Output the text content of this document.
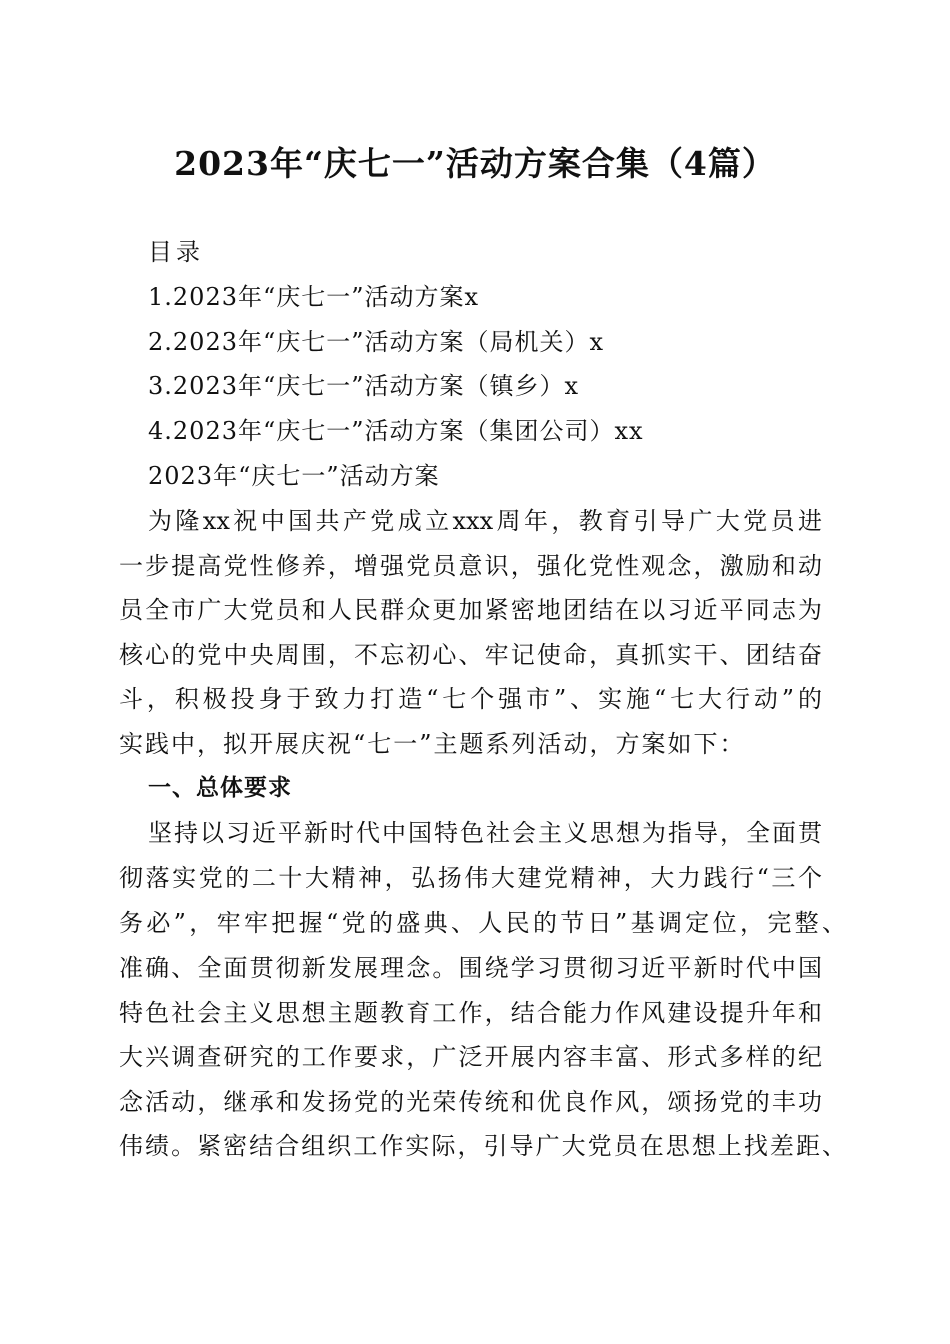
2023年“庆七一”活动方案合集（4篇）
目录
1.2023年“庆七一”活动方案x
2.2023年“庆七一”活动方案（局机关）x
3.2023年“庆七一”活动方案（镇乡）x
4.2023年“庆七一”活动方案（集团公司）xx
2023年“庆七一”活动方案
为隆xx祝中国共产党成立xxx周年，教育引导广大党员进
一步提高党性修养，增强党员意识，强化党性观念，激励和动
员全市广大党员和人民群众更加紧密地团结在以习近平同志为
核心的党中央周围，不忘初心、牢记使命，真抓实干、团结奋
斗，积极投身于致力打造“七个强市”、实施“七大行动”的
实践中，拟开展庆祝“七一”主题系列活动，方案如下：
一、总体要求
坚持以习近平新时代中国特色社会主义思想为指导，全面贯
彻落实党的二十大精神，弘扬伟大建党精神，大力践行“三个
务必”，牢牢把握“党的盛典、人民的节日”基调定位，完整、
准确、全面贯彻新发展理念。围绕学习贯彻习近平新时代中国
特色社会主义思想主题教育工作，结合能力作风建设提升年和
大兴调查研究的工作要求，广泛开展内容丰富、形式多样的纪
念活动，继承和发扬党的光荣传统和优良作风，颂扬党的丰功
伟绩。紧密结合组织工作实际，引导广大党员在思想上找差距、
